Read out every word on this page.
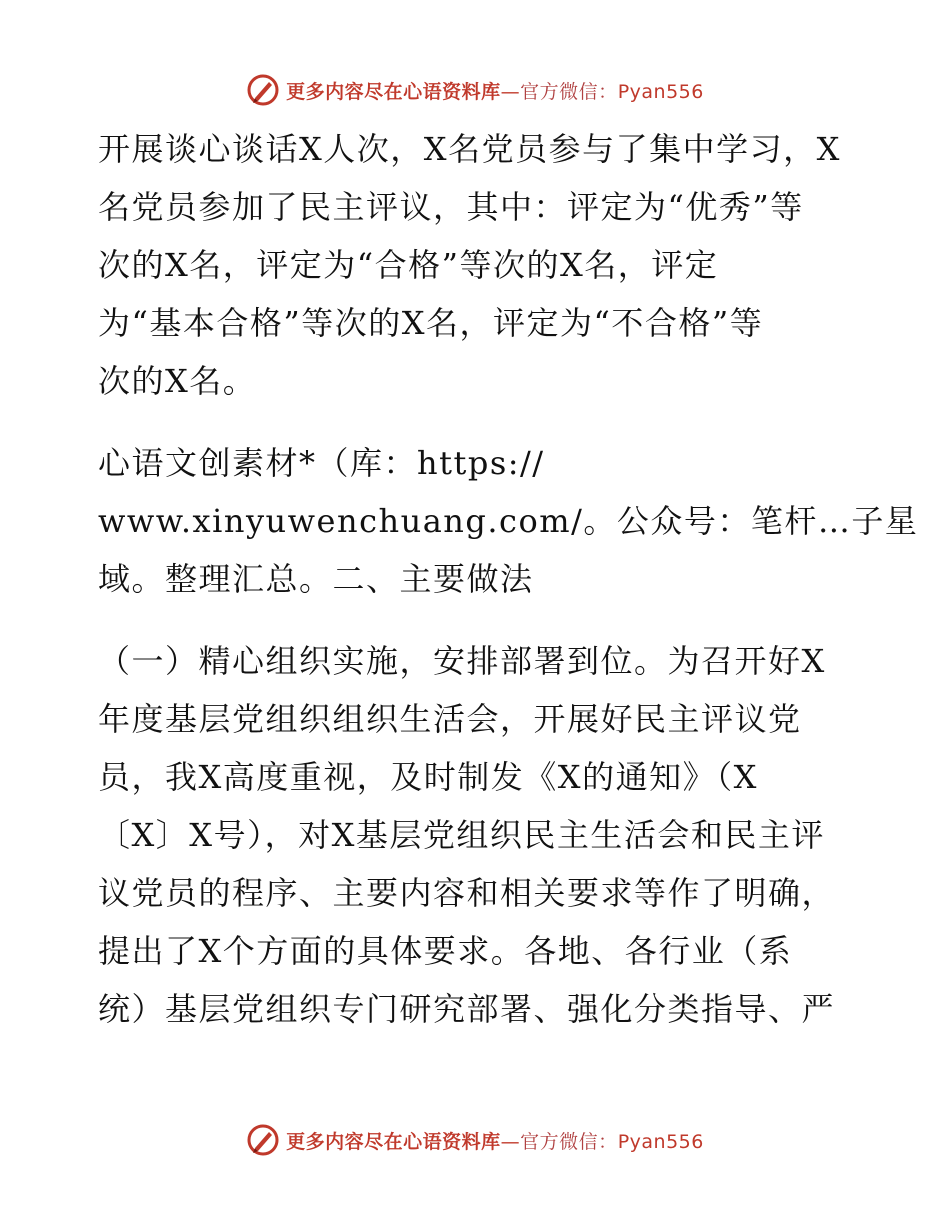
更多内容尽在心语资料库—官方微信：Pyan556

开展谈心谈话X人次，X名党员参与了集中学习，X
名党员参加了民主评议，其中：评定为“优秀”等
次的X名，评定为“合格”等次的X名，评定
为“基本合格”等次的X名，评定为“不合格”等
次的X名。

心语文创素材*（库：https://
www.xinyuwenchuang.com/。公众号：笔杆…子星
域。整理汇总。二、主要做法

（一）精心组织实施，安排部署到位。为召开好X
年度基层党组织组织生活会，开展好民主评议党
员，我X高度重视，及时制发《X的通知》（X
〔X〕X号），对X基层党组织民主生活会和民主评
议党员的程序、主要内容和相关要求等作了明确，
提出了X个方面的具体要求。各地、各行业（系
统）基层党组织专门研究部署、强化分类指导、严

更多内容尽在心语资料库—官方微信：Pyan556
